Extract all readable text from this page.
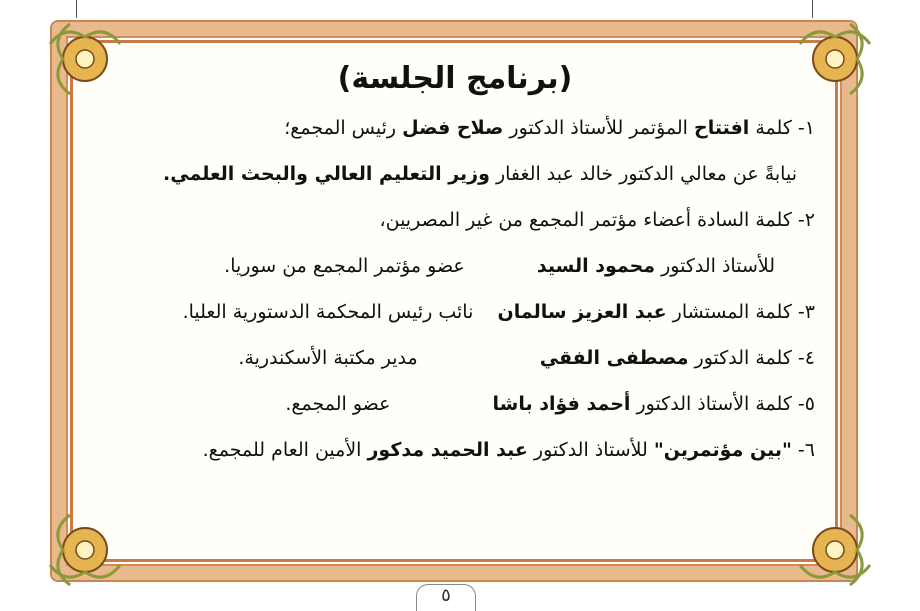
(برنامج الجلسة)
١- كلمة افتتاح المؤتمر للأستاذ الدكتور صلاح فضل رئيس المجمع؛
نيابةً عن معالي الدكتور خالد عبد الغفار وزير التعليم العالي والبحث العلمي.
٢- كلمة السادة أعضاء مؤتمر المجمع من غير المصريين،
للأستاذ الدكتور محمود السيد  عضو مؤتمر المجمع من سوريا.
٣- كلمة المستشار عبد العزيز سالمان  نائب رئيس المحكمة الدستورية العليا.
٤- كلمة الدكتور مصطفى الفقي  مدير مكتبة الأسكندرية.
٥- كلمة الأستاذ الدكتور أحمد فؤاد باشا  عضو المجمع.
٦- "بين مؤتمرين" للأستاذ الدكتور عبد الحميد مدكور الأمين العام للمجمع.
٥
